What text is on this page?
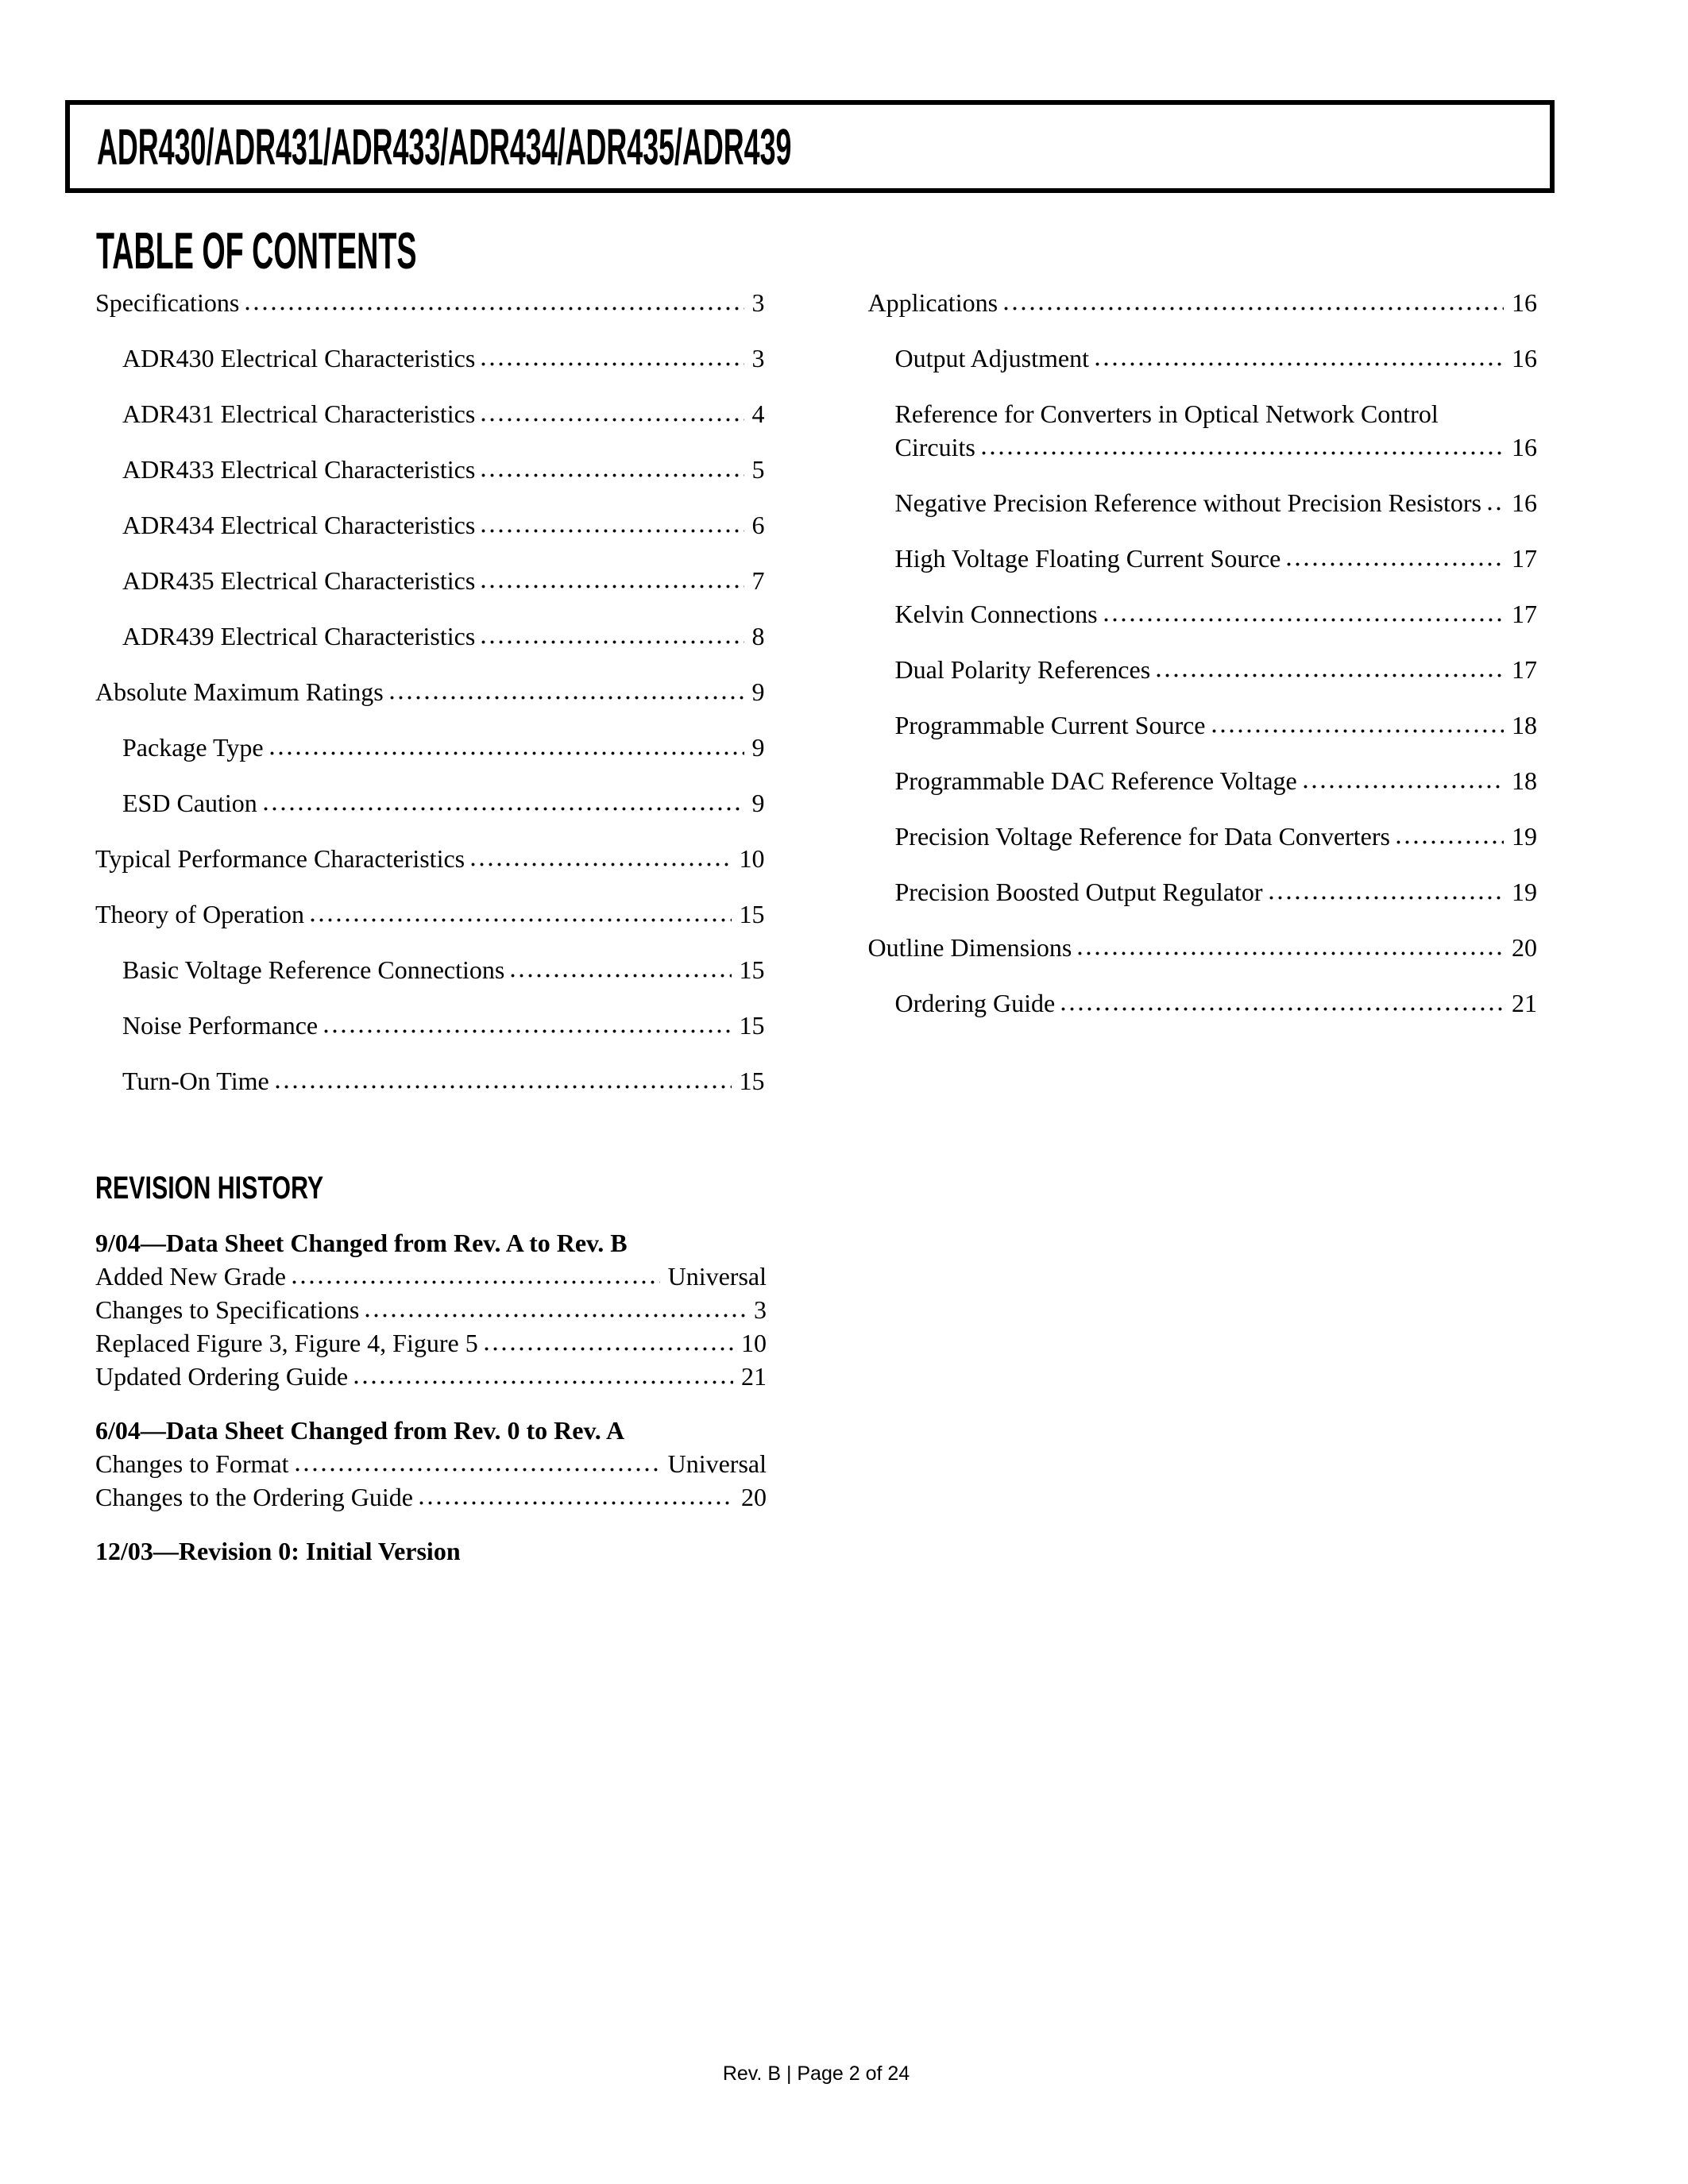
ADR430/ADR431/ADR433/ADR434/ADR435/ADR439
TABLE OF CONTENTS
Specifications	3
ADR430 Electrical Characteristics	3
ADR431 Electrical Characteristics	4
ADR433 Electrical Characteristics	5
ADR434 Electrical Characteristics	6
ADR435 Electrical Characteristics	7
ADR439 Electrical Characteristics	8
Absolute Maximum Ratings	9
Package Type	9
ESD Caution	9
Typical Performance Characteristics	10
Theory of Operation	15
Basic Voltage Reference Connections	15
Noise Performance	15
Turn-On Time	15
Applications	16
Output Adjustment	16
Reference for Converters in Optical Network Control
Circuits	16
Negative Precision Reference without Precision Resistors 16
High Voltage Floating Current Source	17
Kelvin Connections	17
Dual Polarity References	17
Programmable Current Source	18
Programmable DAC Reference Voltage	18
Precision Voltage Reference for Data Converters	19
Precision Boosted Output Regulator	19
Outline Dimensions	20
Ordering Guide	21
REVISION HISTORY
9/04—Data Sheet Changed from Rev. A to Rev. B
Added New Grade	Universal
Changes to Specifications	3
Replaced Figure 3, Figure 4, Figure 5	10
Updated Ordering Guide	21
6/04—Data Sheet Changed from Rev. 0 to Rev. A
Changes to Format	Universal
Changes to the Ordering Guide	20
12/03—Revision 0: Initial Version
Rev. B | Page 2 of 24
